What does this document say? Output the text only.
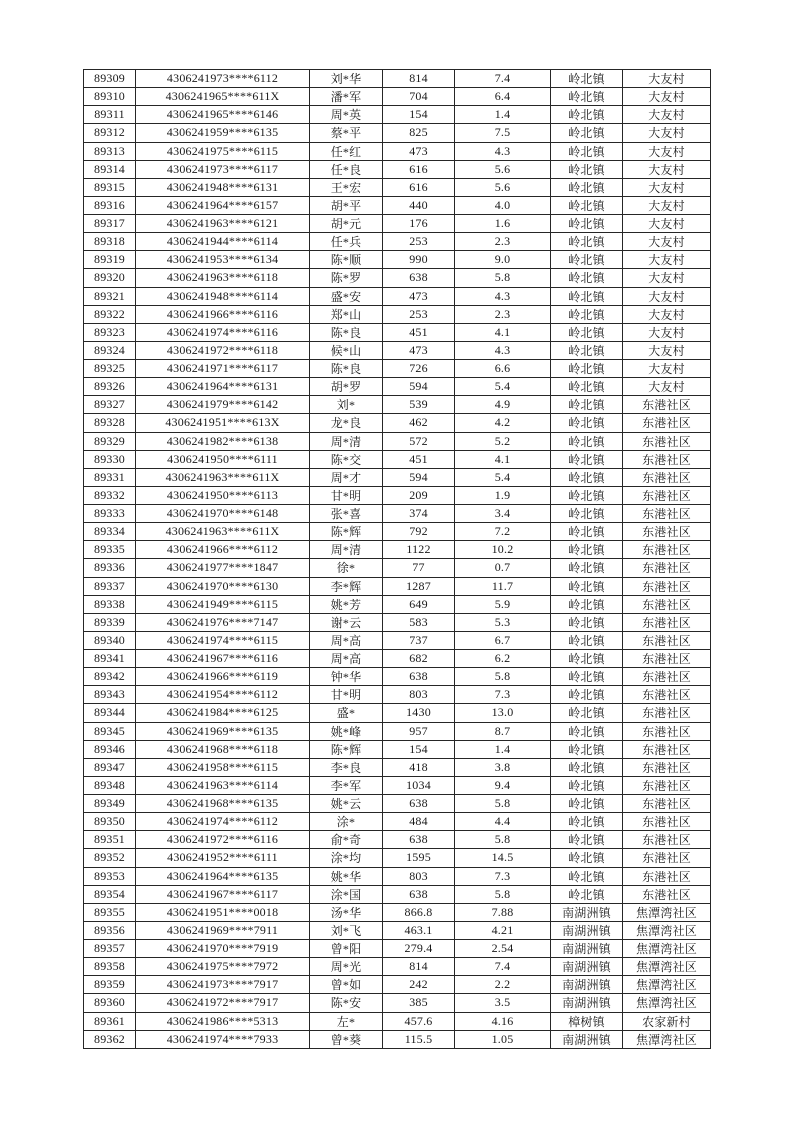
89309	4306241973****6112	刘*华	814	7.4	岭北镇	大友村
89310	4306241965****611X	潘*军	704	6.4	岭北镇	大友村
89311	4306241965****6146	周*英	154	1.4	岭北镇	大友村
89312	4306241959****6135	蔡*平	825	7.5	岭北镇	大友村
89313	4306241975****6115	任*红	473	4.3	岭北镇	大友村
89314	4306241973****6117	任*良	616	5.6	岭北镇	大友村
89315	4306241948****6131	王*宏	616	5.6	岭北镇	大友村
89316	4306241964****6157	胡*平	440	4.0	岭北镇	大友村
89317	4306241963****6121	胡*元	176	1.6	岭北镇	大友村
89318	4306241944****6114	任*兵	253	2.3	岭北镇	大友村
89319	4306241953****6134	陈*顺	990	9.0	岭北镇	大友村
89320	4306241963****6118	陈*罗	638	5.8	岭北镇	大友村
89321	4306241948****6114	盛*安	473	4.3	岭北镇	大友村
89322	4306241966****6116	郑*山	253	2.3	岭北镇	大友村
89323	4306241974****6116	陈*良	451	4.1	岭北镇	大友村
89324	4306241972****6118	候*山	473	4.3	岭北镇	大友村
89325	4306241971****6117	陈*良	726	6.6	岭北镇	大友村
89326	4306241964****6131	胡*罗	594	5.4	岭北镇	大友村
89327	4306241979****6142	刘*	539	4.9	岭北镇	东港社区
89328	4306241951****613X	龙*良	462	4.2	岭北镇	东港社区
89329	4306241982****6138	周*清	572	5.2	岭北镇	东港社区
89330	4306241950****6111	陈*交	451	4.1	岭北镇	东港社区
89331	4306241963****611X	周*才	594	5.4	岭北镇	东港社区
89332	4306241950****6113	甘*明	209	1.9	岭北镇	东港社区
89333	4306241970****6148	张*喜	374	3.4	岭北镇	东港社区
89334	4306241963****611X	陈*辉	792	7.2	岭北镇	东港社区
89335	4306241966****6112	周*清	1122	10.2	岭北镇	东港社区
89336	4306241977****1847	徐*	77	0.7	岭北镇	东港社区
89337	4306241970****6130	李*辉	1287	11.7	岭北镇	东港社区
89338	4306241949****6115	姚*芳	649	5.9	岭北镇	东港社区
89339	4306241976****7147	谢*云	583	5.3	岭北镇	东港社区
89340	4306241974****6115	周*高	737	6.7	岭北镇	东港社区
89341	4306241967****6116	周*高	682	6.2	岭北镇	东港社区
89342	4306241966****6119	钟*华	638	5.8	岭北镇	东港社区
89343	4306241954****6112	甘*明	803	7.3	岭北镇	东港社区
89344	4306241984****6125	盛*	1430	13.0	岭北镇	东港社区
89345	4306241969****6135	姚*峰	957	8.7	岭北镇	东港社区
89346	4306241968****6118	陈*辉	154	1.4	岭北镇	东港社区
89347	4306241958****6115	李*良	418	3.8	岭北镇	东港社区
89348	4306241963****6114	李*军	1034	9.4	岭北镇	东港社区
89349	4306241968****6135	姚*云	638	5.8	岭北镇	东港社区
89350	4306241974****6112	涂*	484	4.4	岭北镇	东港社区
89351	4306241972****6116	俞*奇	638	5.8	岭北镇	东港社区
89352	4306241952****6111	涂*均	1595	14.5	岭北镇	东港社区
89353	4306241964****6135	姚*华	803	7.3	岭北镇	东港社区
89354	4306241967****6117	涂*国	638	5.8	岭北镇	东港社区
89355	4306241951****0018	汤*华	866.8	7.88	南湖洲镇	焦潭湾社区
89356	4306241969****7911	刘*飞	463.1	4.21	南湖洲镇	焦潭湾社区
89357	4306241970****7919	曾*阳	279.4	2.54	南湖洲镇	焦潭湾社区
89358	4306241975****7972	周*光	814	7.4	南湖洲镇	焦潭湾社区
89359	4306241973****7917	曾*如	242	2.2	南湖洲镇	焦潭湾社区
89360	4306241972****7917	陈*安	385	3.5	南湖洲镇	焦潭湾社区
89361	4306241986****5313	左*	457.6	4.16	樟树镇	农家新村
89362	4306241974****7933	曾*葵	115.5	1.05	南湖洲镇	焦潭湾社区
